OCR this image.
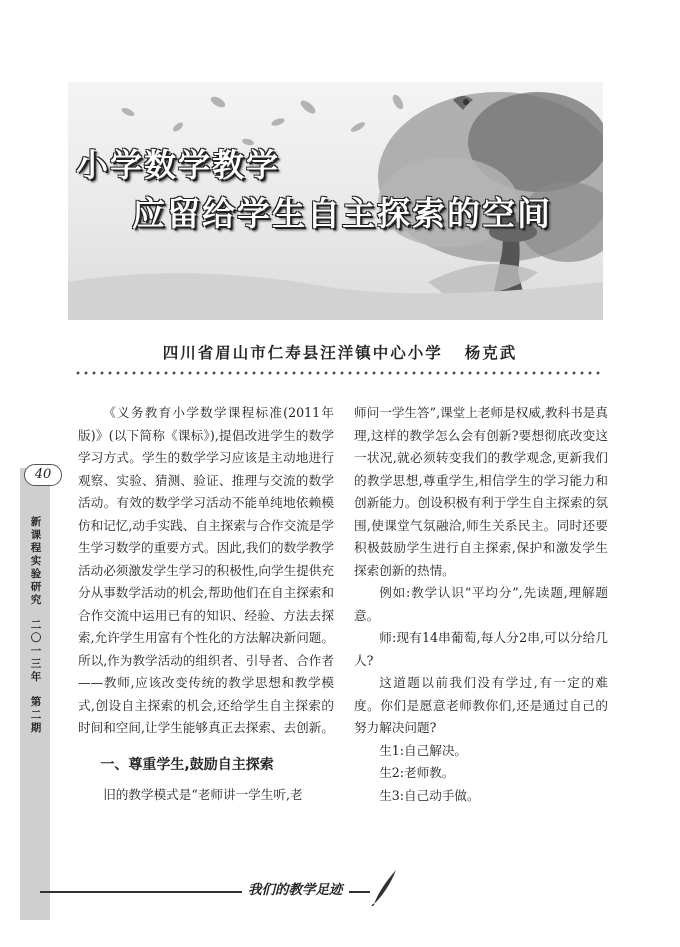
小学数学教学
应留给学生自主探索的空间
四川省眉山市仁寿县汪洋镇中心小学 杨克武

《义务教育小学数学课程标准(2011年版)》(以下简称《课标》),提倡改进学生的数学学习方式。学生的数学学习应该是主动地进行观察、实验、猜测、验证、推理与交流的数学活动。有效的数学学习活动不能单纯地依赖模仿和记忆,动手实践、自主探索与合作交流是学生学习数学的重要方式。因此,我们的数学教学活动必须激发学生学习的积极性,向学生提供充分从事数学活动的机会,帮助他们在自主探索和合作交流中运用已有的知识、经验、方法去探索,允许学生用富有个性化的方法解决新问题。所以,作为教学活动的组织者、引导者、合作者——教师,应该改变传统的教学思想和教学模式,创设自主探索的机会,还给学生自主探索的时间和空间,让学生能够真正去探索、去创新。

一、尊重学生,鼓励自主探索

旧的教学模式是“老师讲一学生听,老

师问一学生答”,课堂上老师是权威,教科书是真理,这样的教学怎么会有创新?要想彻底改变这一状况,就必须转变我们的教学观念,更新我们的教学思想,尊重学生,相信学生的学习能力和创新能力。创设积极有利于学生自主探索的氛围,使课堂气氛融洽,师生关系民主。同时还要积极鼓励学生进行自主探索,保护和激发学生探索创新的热情。

例如:教学认识“平均分”,先读题,理解题意。

师:现有14串葡萄,每人分2串,可以分给几人?

这道题以前我们没有学过,有一定的难度。你们是愿意老师教你们,还是通过自己的努力解决问题?

生1:自己解决。

生2:老师教。

生3:自己动手做。

40
新课程实验研究
二〇一三年
第二期
我们的教学足迹
